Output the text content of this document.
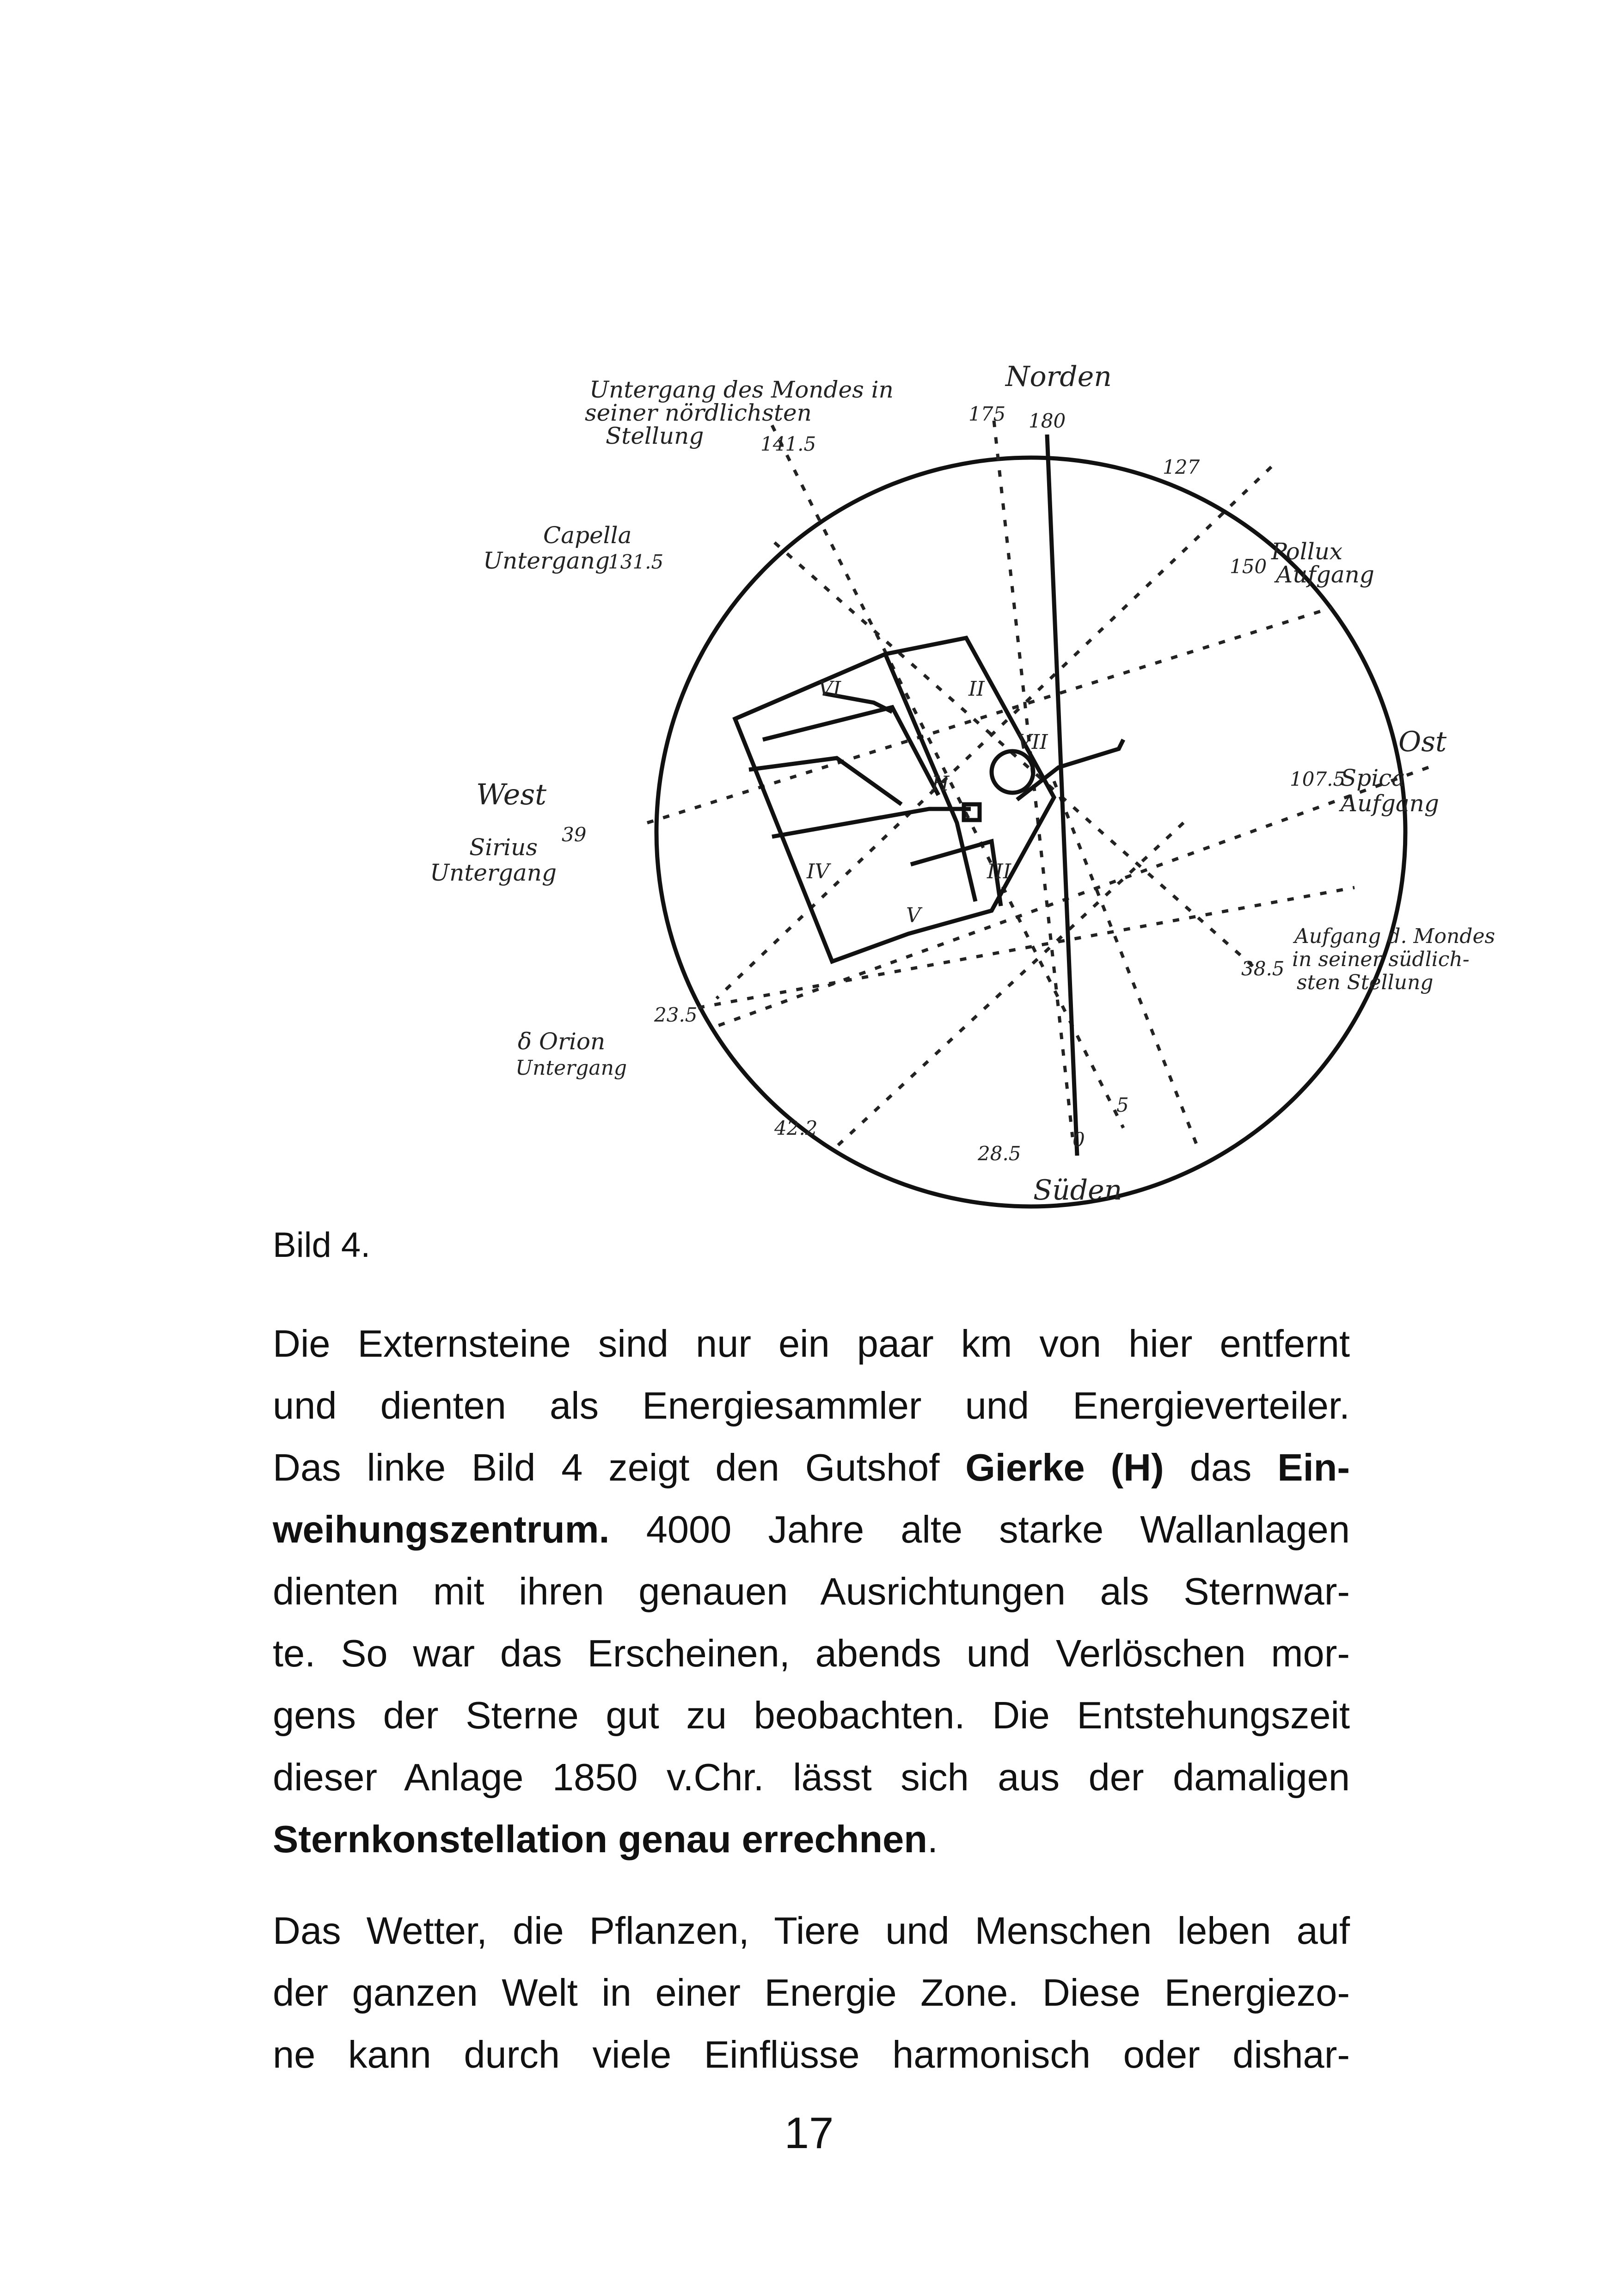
VI	II
VII
H
IV	III
V
Norden
Untergang des Mondes in
seiner nördlichsten
Stellung
Capella
Untergang	Pollux
Aufgang
West
Sirius
Untergang
Ost
Spica
Aufgang
Aufgang d. Mondes
in seiner südlich-
sten Stellung
δ Orion
Untergang
Süden
175 180
141.5
127
131.5	150
107.5
39
38.5
23.5
42.2
28.5
0
5
Bild 4.
Die Externsteine sind nur ein paar km von hier entfernt
und dienten als Energiesammler und Energieverteiler.
Das linke Bild 4 zeigt den Gutshof Gierke (H) das Ein-
weihungszentrum. 4000 Jahre alte starke Wallanlagen
dienten mit ihren genauen Ausrichtungen als Sternwar-
te. So war das Erscheinen, abends und Verlöschen mor-
gens der Sterne gut zu beobachten. Die Entstehungszeit
dieser Anlage 1850 v.Chr. lässt sich aus der damaligen
Sternkonstellation genau errechnen.
Das Wetter, die Pflanzen, Tiere und Menschen leben auf
der ganzen Welt in einer Energie Zone. Diese Energiezo-
ne kann durch viele Einflüsse harmonisch oder dishar-
17
